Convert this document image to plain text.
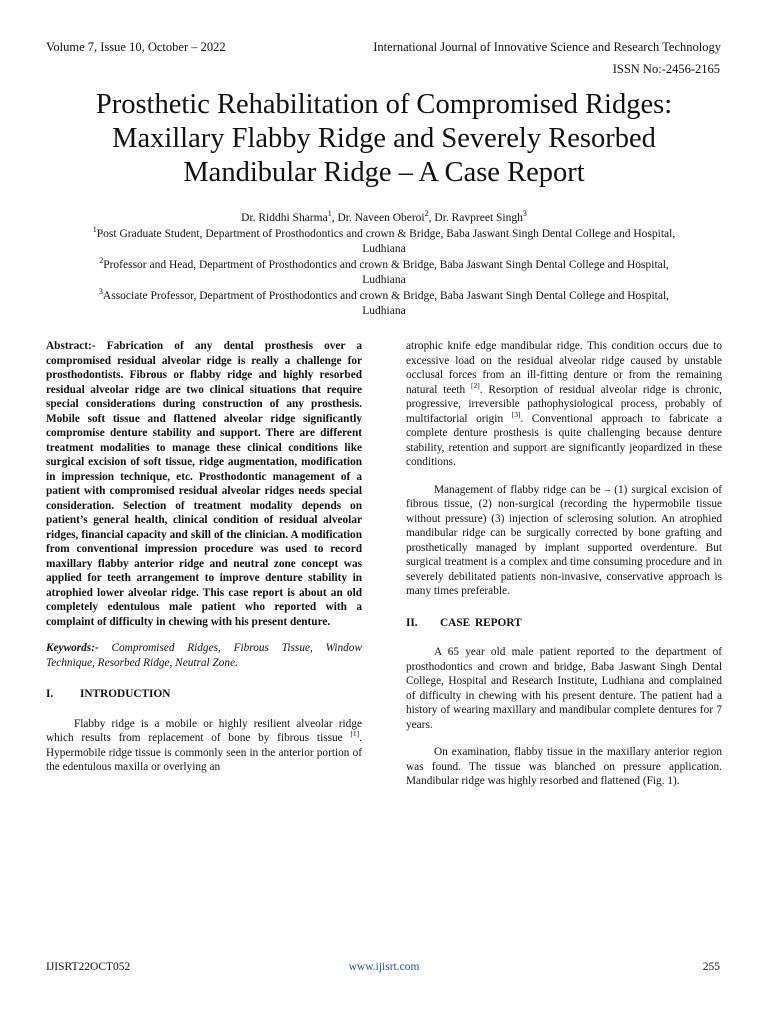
Volume 7, Issue 10, October – 2022	International Journal of Innovative Science and Research Technology
ISSN No:-2456-2165
Prosthetic Rehabilitation of Compromised Ridges:
Maxillary Flabby Ridge and Severely Resorbed
Mandibular Ridge – A Case Report
Dr. Riddhi Sharma$^1$, Dr. Naveen Oberoi$^2$, Dr. Ravpreet Singh$^3$

$^1$Post Graduate Student, Department of Prosthodontics and crown & Bridge, Baba Jaswant Singh Dental College and Hospital,
Ludhiana

$^2$Professor and Head, Department of Prosthodontics and crown & Bridge, Baba Jaswant Singh Dental College and Hospital,
Ludhiana

$^3$Associate Professor, Department of Prosthodontics and crown & Bridge, Baba Jaswant Singh Dental College and Hospital,
Ludhiana

Abstract:- Fabrication of any dental prosthesis over a compromised residual alveolar ridge is really a challenge for prosthodontists. Fibrous or flabby ridge and highly resorbed residual alveolar ridge are two clinical situations that require special considerations during construction of any prosthesis. Mobile soft tissue and flattened alveolar ridge significantly compromise denture stability and support. There are different treatment modalities to manage these clinical conditions like surgical excision of soft tissue, ridge augmentation, modification in impression technique, etc. Prosthodontic management of a patient with compromised residual alveolar ridges needs special consideration. Selection of treatment modality depends on patient’s general health, clinical condition of residual alveolar ridges, financial capacity and skill of the clinician. A modification from conventional impression procedure was used to record maxillary flabby anterior ridge and neutral zone concept was applied for teeth arrangement to improve denture stability in atrophied lower alveolar ridge. This case report is about an old completely edentulous male patient who reported with a complaint of difficulty in chewing with his present denture.

Keywords:- Compromised Ridges, Fibrous Tissue, Window Technique, Resorbed Ridge, Neutral Zone.

I. INTRODUCTION

Flabby ridge is a mobile or highly resilient alveolar ridge which results from replacement of bone by fibrous tissue [1]. Hypermobile ridge tissue is commonly seen in the anterior portion of the edentulous maxilla or overlying an

atrophic knife edge mandibular ridge. This condition occurs due to excessive load on the residual alveolar ridge caused by unstable occlusal forces from an ill-fitting denture or from the remaining natural teeth [2]. Resorption of residual alveolar ridge is chronic, progressive, irreversible pathophysiological process, probably of multifactorial origin [3]. Conventional approach to fabricate a complete denture prosthesis is quite challenging because denture stability, retention and support are significantly jeopardized in these conditions.

Management of flabby ridge can be – (1) surgical excision of fibrous tissue, (2) non-surgical (recording the hypermobile tissue without pressure) (3) injection of sclerosing solution. An atrophied mandibular ridge can be surgically corrected by bone grafting and prosthetically managed by implant supported overdenture. But surgical treatment is a complex and time consuming procedure and in severely debilitated patients non-invasive, conservative approach is many times preferable.

II. CASE REPORT

A 65 year old male patient reported to the department of prosthodontics and crown and bridge, Baba Jaswant Singh Dental College, Hospital and Research Institute, Ludhiana and complained of difficulty in chewing with his present denture. The patient had a history of wearing maxillary and mandibular complete dentures for 7 years.

On examination, flabby tissue in the maxillary anterior region was found. The tissue was blanched on pressure application. Mandibular ridge was highly resorbed and flattened (Fig. 1).

IJISRT22OCT052	www.ijisrt.com	255
